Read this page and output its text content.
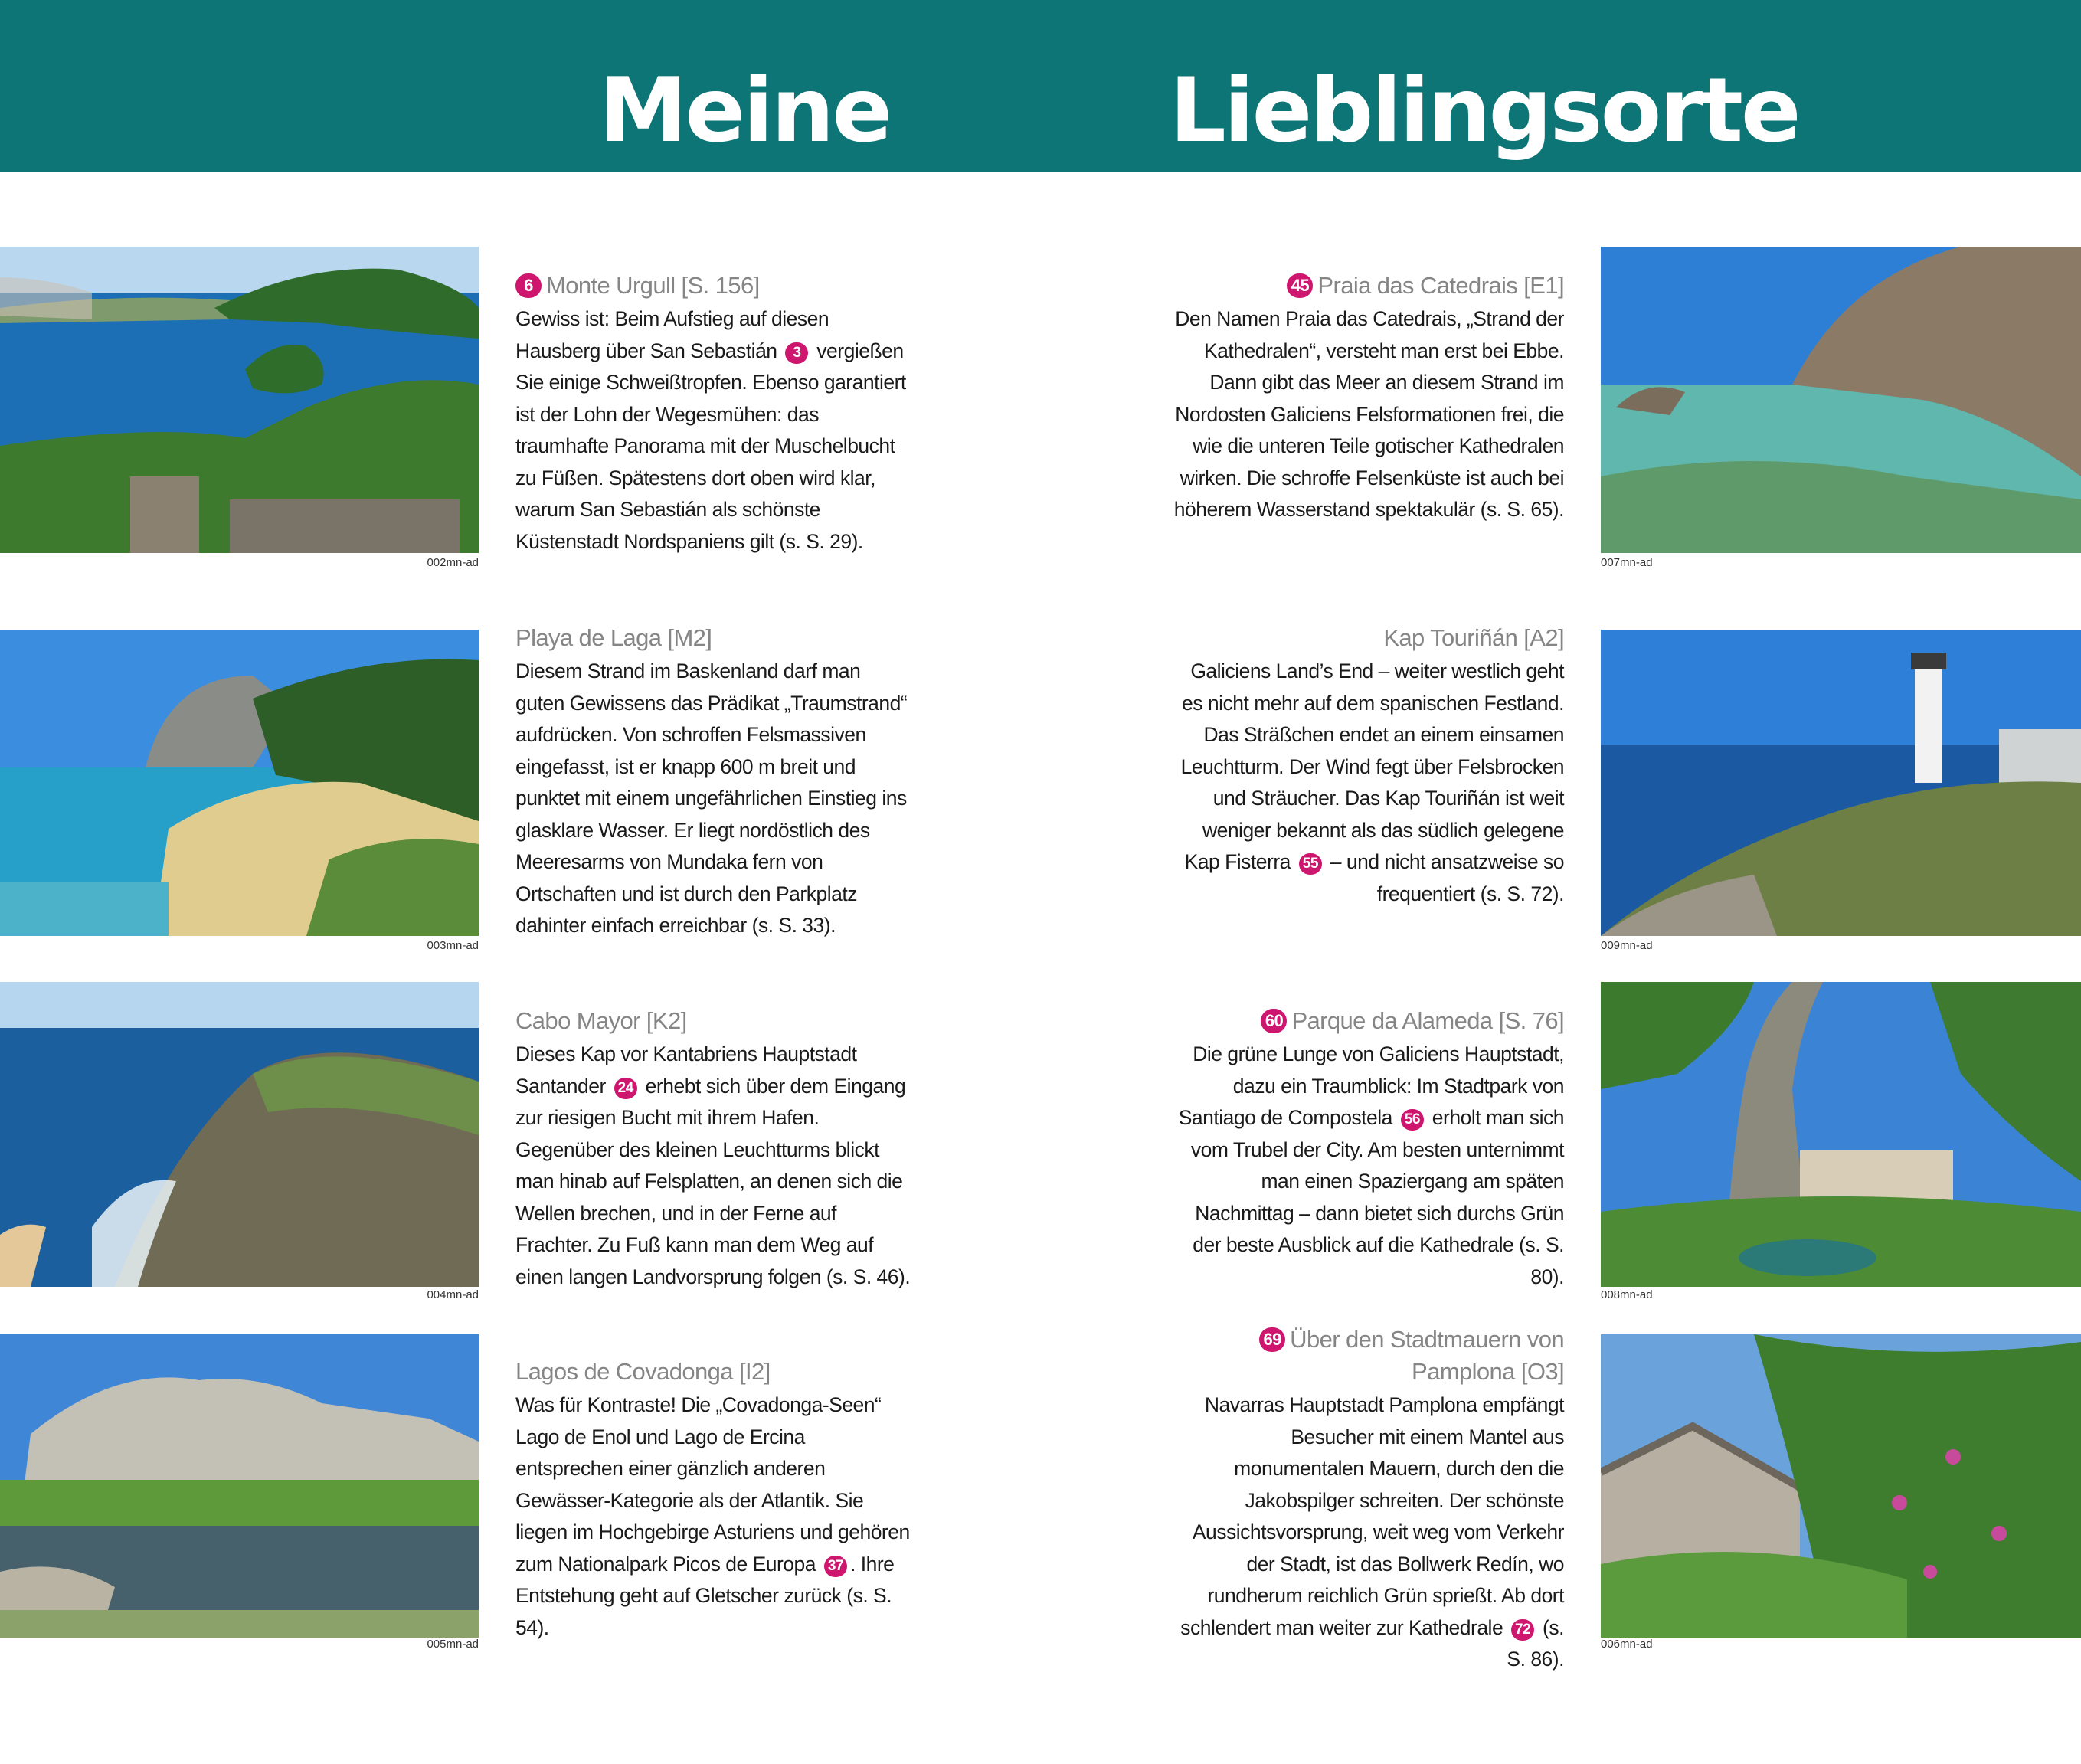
Meine	Lieblingsorte
002mn-ad

6 Monte Urgull [S. 156]

Gewiss ist: Beim Aufstieg auf diesen Hausberg über San Sebastián 3 vergießen Sie einige Schweißtropfen. Ebenso garantiert ist der Lohn der Wegesmühen: das traumhafte Panorama mit der Muschelbucht zu Füßen. Spätestens dort oben wird klar, warum San Sebastián als schönste Küstenstadt Nordspaniens gilt (s. S. 29).

003mn-ad

Playa de Laga [M2]

Diesem Strand im Baskenland darf man guten Gewissens das Prädikat „Traumstrand“ aufdrücken. Von schroffen Felsmassiven eingefasst, ist er knapp 600 m breit und punktet mit einem ungefährlichen Einstieg ins glasklare Wasser. Er liegt nordöstlich des Meeresarms von Mundaka fern von Ortschaften und ist durch den Parkplatz dahinter einfach erreichbar (s. S. 33).

004mn-ad

Cabo Mayor [K2]

Dieses Kap vor Kantabriens Hauptstadt Santander 24 erhebt sich über dem Eingang zur riesigen Bucht mit ihrem Hafen. Gegenüber des kleinen Leuchtturms blickt man hinab auf Felsplatten, an denen sich die Wellen brechen, und in der Ferne auf Frachter. Zu Fuß kann man dem Weg auf einen langen Landvorsprung folgen (s. S. 46).

005mn-ad

Lagos de Covadonga [I2]

Was für Kontraste! Die „Covadonga-Seen“ Lago de Enol und Lago de Ercina entsprechen einer gänzlich anderen Gewässer-Kategorie als der Atlantik. Sie liegen im Hochgebirge Asturiens und gehören zum Nationalpark Picos de Europa 37 . Ihre Entstehung geht auf Gletscher zurück (s. S. 54).

007mn-ad

45 Praia das Catedrais [E1]

Den Namen Praia das Catedrais, „Strand der Kathedralen“, versteht man erst bei Ebbe. Dann gibt das Meer an diesem Strand im Nordosten Galiciens Felsformationen frei, die wie die unteren Teile gotischer Kathedralen wirken. Die schroffe Felsenküste ist auch bei höherem Wasserstand spektakulär (s. S. 65).

009mn-ad

Kap Touriñán [A2]

Galiciens Land’s End – weiter westlich geht es nicht mehr auf dem spanischen Festland. Das Sträßchen endet an einem einsamen Leuchtturm. Der Wind fegt über Felsbrocken und Sträucher. Das Kap Touriñán ist weit weniger bekannt als das südlich gelegene Kap Fisterra 55 – und nicht ansatzweise so frequentiert (s. S. 72).

008mn-ad

60 Parque da Alameda [S. 76]

Die grüne Lunge von Galiciens Hauptstadt, dazu ein Traumblick: Im Stadtpark von Santiago de Compostela 56 erholt man sich vom Trubel der City. Am besten unternimmt man einen Spaziergang am späten Nachmittag – dann bietet sich durchs Grün der beste Ausblick auf die Kathedrale (s. S. 80).

006mn-ad

69 Über den Stadtmauern von Pamplona [O3]

Navarras Hauptstadt Pamplona empfängt Besucher mit einem Mantel aus monumentalen Mauern, durch den die Jakobspilger schreiten. Der schönste Aussichtsvorsprung, weit weg vom Verkehr der Stadt, ist das Bollwerk Redín, wo rundherum reichlich Grün sprießt. Ab dort schlendert man weiter zur Kathedrale 72 (s. S. 86).
